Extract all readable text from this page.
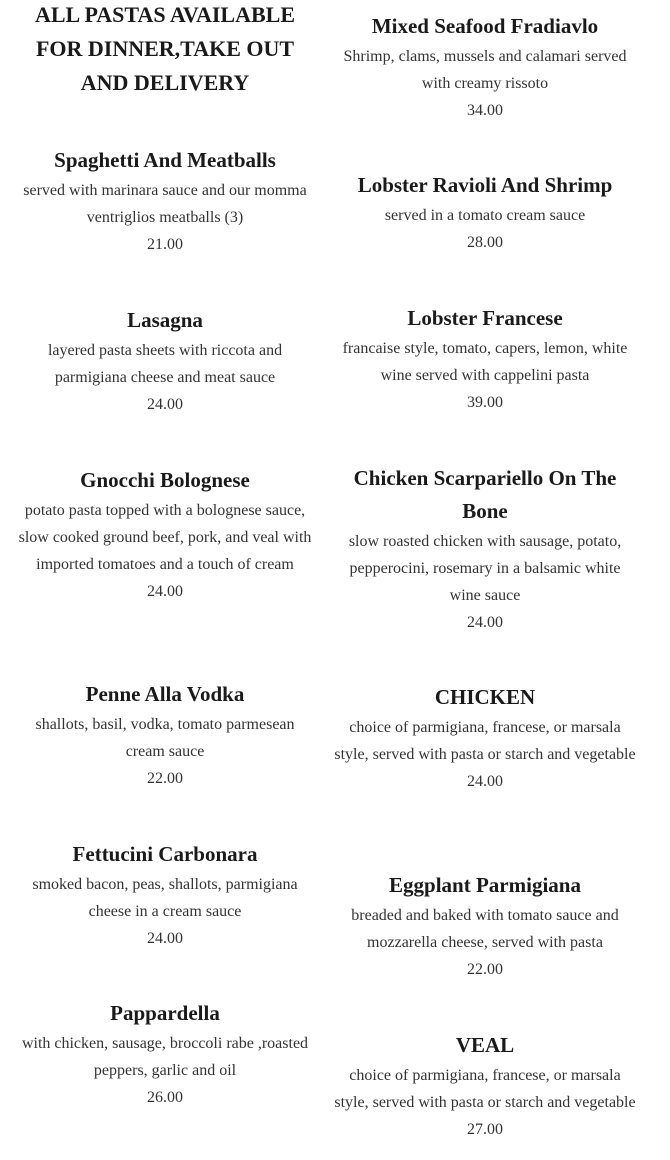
ALL PASTAS AVAILABLE
FOR DINNER,TAKE OUT
AND DELIVERY
Spaghetti And Meatballs
served with marinara sauce and our momma ventriglios meatballs (3)
21.00
Lasagna
layered pasta sheets with riccota and parmigiana cheese and meat sauce
24.00
Gnocchi Bolognese
potato pasta topped with a bolognese sauce, slow cooked ground beef, pork, and veal with imported tomatoes and a touch of cream
24.00
Penne Alla Vodka
shallots, basil, vodka, tomato parmesean cream sauce
22.00
Fettucini Carbonara
smoked bacon, peas, shallots, parmigiana cheese in a cream sauce
24.00
Pappardella
with chicken, sausage, broccoli rabe ,roasted peppers, garlic and oil
26.00
Mixed Seafood Fradiavlo
Shrimp, clams, mussels and calamari served with creamy rissoto
34.00
Lobster Ravioli And Shrimp
served in a tomato cream sauce
28.00
Lobster Francese
francaise style, tomato, capers, lemon, white wine served with cappelini pasta
39.00
Chicken Scarpariello On The Bone
slow roasted chicken with sausage, potato, pepperocini, rosemary in a balsamic white wine sauce
24.00
CHICKEN
choice of parmigiana, francese, or marsala style, served with pasta or starch and vegetable
24.00
Eggplant Parmigiana
breaded and baked with tomato sauce and mozzarella cheese, served with pasta
22.00
VEAL
choice of parmigiana, francese, or marsala style, served with pasta or starch and vegetable
27.00
